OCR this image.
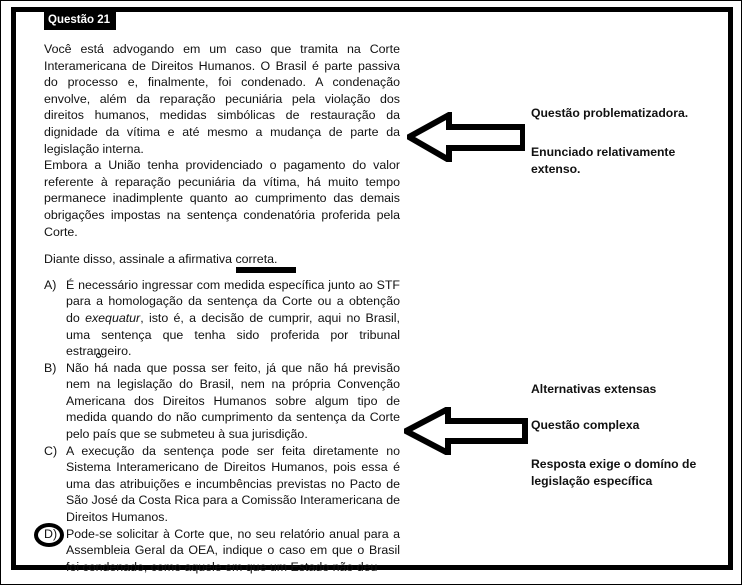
Questão 21

Você está advogando em um caso que tramita na Corte Interamericana de Direitos Humanos. O Brasil é parte passiva do processo e, finalmente, foi condenado. A condenação envolve, além da reparação pecuniária pela violação dos direitos humanos, medidas simbólicas de restauração da dignidade da vítima e até mesmo a mudança de parte da legislação interna.

Embora a União tenha providenciado o pagamento do valor referente à reparação pecuniária da vítima, há muito tempo permanece inadimplente quanto ao cumprimento das demais obrigações impostas na sentença condenatória proferida pela Corte.

Diante disso, assinale a afirmativa correta.

A) É necessário ingressar com medida específica junto ao STF para a homologação da sentença da Corte ou a obtenção do exequatur, isto é, a decisão de cumprir, aqui no Brasil, uma sentença que tenha sido proferida por tribunal estrangeiro.
B) Não há nada que possa ser feito, já que não há previsão nem na legislação do Brasil, nem na própria Convenção Americana dos Direitos Humanos sobre algum tipo de medida quando do não cumprimento da sentença da Corte pelo país que se submeteu à sua jurisdição.
C) A execução da sentença pode ser feita diretamente no Sistema Interamericano de Direitos Humanos, pois essa é uma das atribuições e incumbências previstas no Pacto de São José da Costa Rica para a Comissão Interamericana de Direitos Humanos.
D) Pode-se solicitar à Corte que, no seu relatório anual para a Assembleia Geral da OEA, indique o caso em que o Brasil foi condenado, como aquele em que um Estado não deu
Questão problematizadora.
Enunciado relativamente extenso.
Alternativas extensas
Questão complexa
Resposta exige o domíno de legislação específica
